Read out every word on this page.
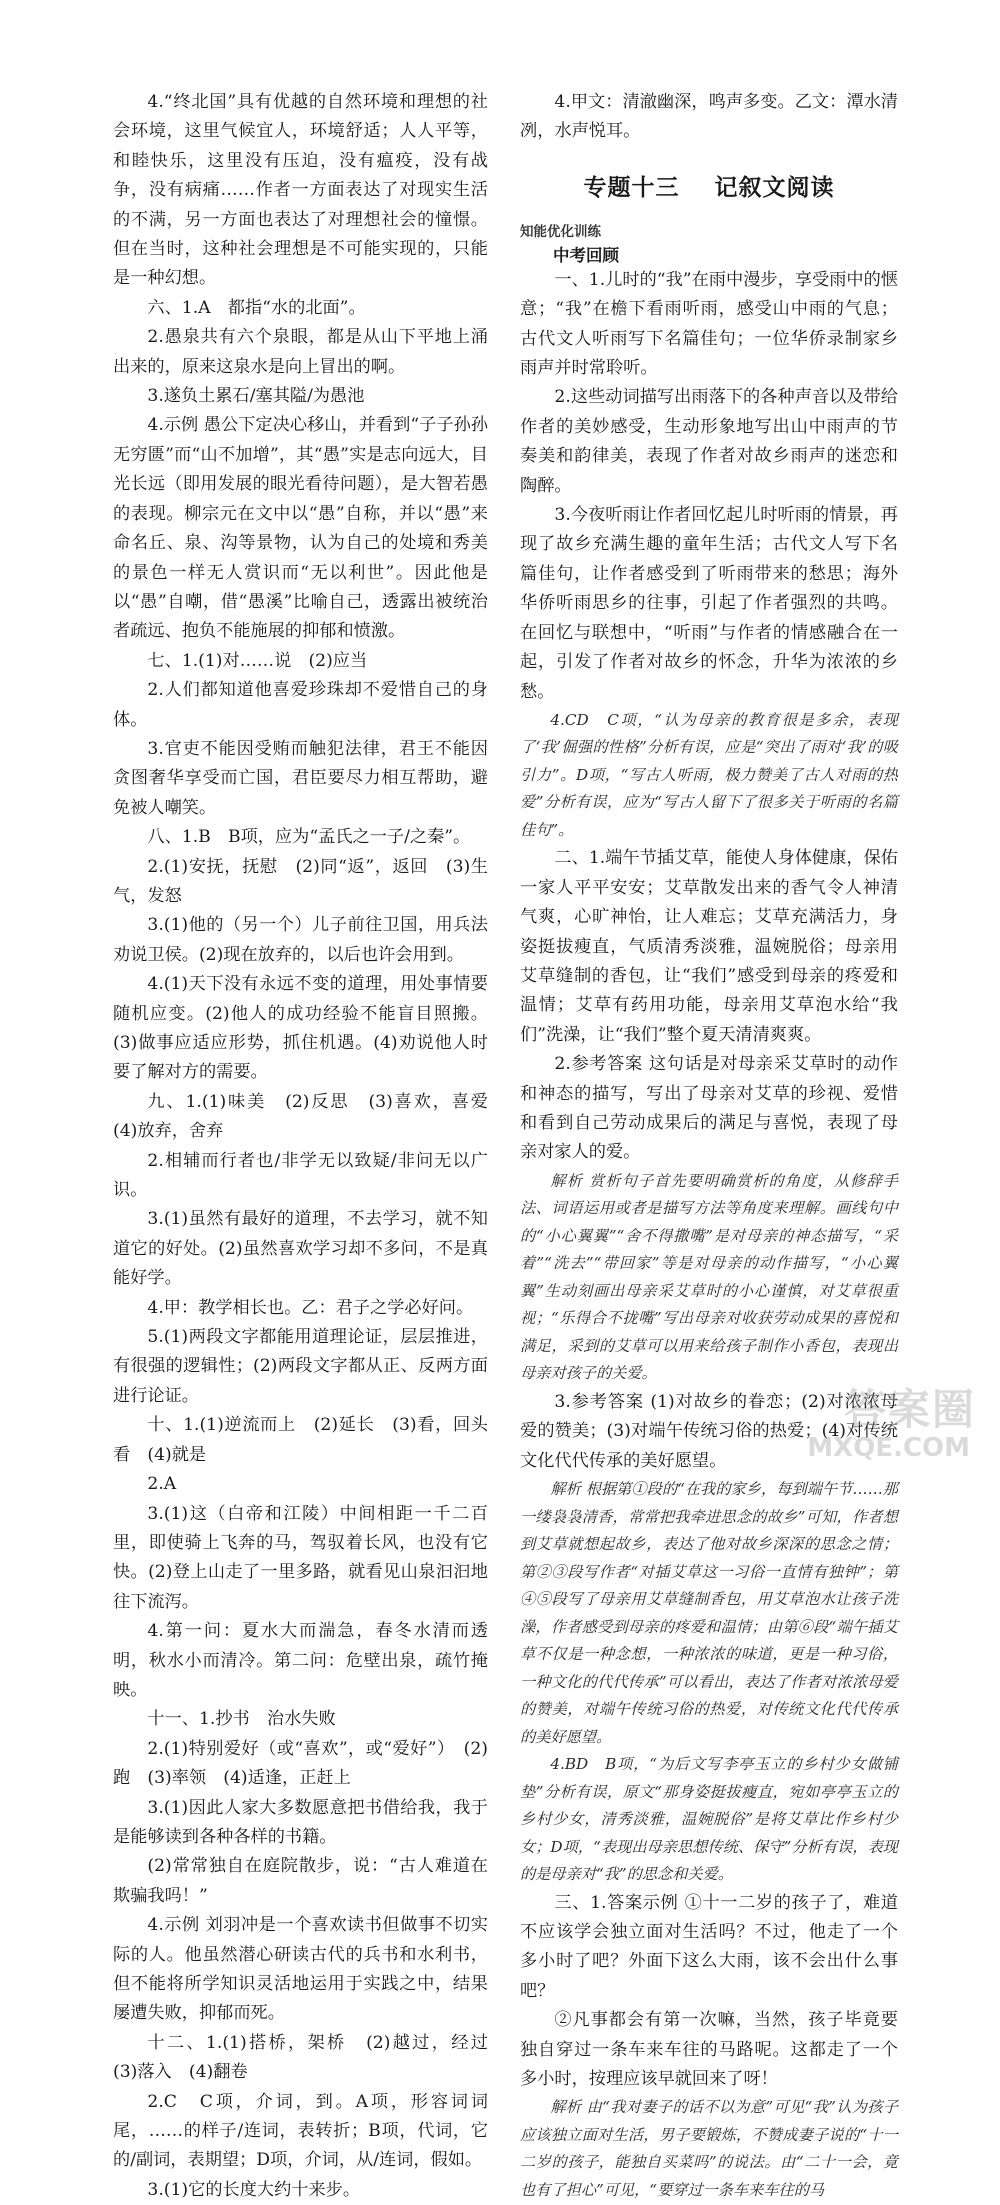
4.“终北国”具有优越的自然环境和理想的社会环境，这里气候宜人，环境舒适；人人平等，和睦快乐，这里没有压迫，没有瘟疫，没有战争，没有病痛……作者一方面表达了对现实生活的不满，另一方面也表达了对理想社会的憧憬。但在当时，这种社会理想是不可能实现的，只能是一种幻想。

六、1.A　都指“水的北面”。

2.愚泉共有六个泉眼，都是从山下平地上涌出来的，原来这泉水是向上冒出的啊。

3.遂负土累石/塞其隘/为愚池

4.示例 愚公下定决心移山，并看到“子子孙孙无穷匮”而“山不加增”，其“愚”实是志向远大，目光长远（即用发展的眼光看待问题），是大智若愚的表现。柳宗元在文中以“愚”自称，并以“愚”来命名丘、泉、沟等景物，认为自己的处境和秀美的景色一样无人赏识而“无以利世”。因此他是以“愚”自嘲，借“愚溪”比喻自己，透露出被统治者疏远、抱负不能施展的抑郁和愤激。

七、1.(1)对……说　(2)应当

2.人们都知道他喜爱珍珠却不爱惜自己的身体。

3.官吏不能因受贿而触犯法律，君王不能因贪图奢华享受而亡国，君臣要尽力相互帮助，避免被人嘲笑。

八、1.B　B项，应为“孟氏之一子/之秦”。

2.(1)安抚，抚慰　(2)同“返”，返回　(3)生气，发怒

3.(1)他的（另一个）儿子前往卫国，用兵法劝说卫侯。(2)现在放弃的，以后也许会用到。

4.(1)天下没有永远不变的道理，用处事情要随机应变。(2)他人的成功经验不能盲目照搬。(3)做事应适应形势，抓住机遇。(4)劝说他人时要了解对方的需要。

九、1.(1)味美　(2)反思　(3)喜欢，喜爱　(4)放弃，舍弃

2.相辅而行者也/非学无以致疑/非问无以广识。

3.(1)虽然有最好的道理，不去学习，就不知道它的好处。(2)虽然喜欢学习却不多问，不是真能好学。

4.甲：教学相长也。乙：君子之学必好问。

5.(1)两段文字都能用道理论证，层层推进，有很强的逻辑性；(2)两段文字都从正、反两方面进行论证。

十、1.(1)逆流而上　(2)延长　(3)看，回头看　(4)就是

2.A

3.(1)这（白帝和江陵）中间相距一千二百里，即使骑上飞奔的马，驾驭着长风，也没有它快。(2)登上山走了一里多路，就看见山泉汩汩地往下流泻。

4.第一问：夏水大而湍急，春冬水清而透明，秋水小而清冷。第二问：危壁出泉，疏竹掩映。

十一、1.抄书　治水失败

2.(1)特别爱好（或“喜欢”，或“爱好”）　(2)跑　(3)率领　(4)适逢，正赶上

3.(1)因此人家大多数愿意把书借给我，我于是能够读到各种各样的书籍。

(2)常常独自在庭院散步，说：“古人难道在欺骗我吗！”

4.示例 刘羽冲是一个喜欢读书但做事不切实际的人。他虽然潜心研读古代的兵书和水利书，但不能将所学知识灵活地运用于实践之中，结果屡遭失败，抑郁而死。

十二、1.(1)搭桥，架桥　(2)越过，经过　(3)落入　(4)翻卷

2.C　C项，介词，到。A项，形容词词尾，……的样子/连词，表转折；B项，代词，它的/副词，表期望；D项，介词，从/连词，假如。

3.(1)它的长度大约十来步。

4.甲文：清澈幽深，鸣声多变。乙文：潭水清冽，水声悦耳。

专题十三 记叙文阅读

知能优化训练

中考回顾

一、1.儿时的“我”在雨中漫步，享受雨中的惬意；“我”在檐下看雨听雨，感受山中雨的气息；古代文人听雨写下名篇佳句；一位华侨录制家乡雨声并时常聆听。

2.这些动词描写出雨落下的各种声音以及带给作者的美妙感受，生动形象地写出山中雨声的节奏美和韵律美，表现了作者对故乡雨声的迷恋和陶醉。

3.今夜听雨让作者回忆起儿时听雨的情景，再现了故乡充满生趣的童年生活；古代文人写下名篇佳句，让作者感受到了听雨带来的愁思；海外华侨听雨思乡的往事，引起了作者强烈的共鸣。在回忆与联想中，“听雨”与作者的情感融合在一起，引发了作者对故乡的怀念，升华为浓浓的乡愁。

4.CD　C项，“认为母亲的教育很是多余，表现了‘我’倔强的性格”分析有误，应是“突出了雨对‘我’的吸引力”。D项，“写古人听雨，极力赞美了古人对雨的热爱”分析有误，应为“写古人留下了很多关于听雨的名篇佳句”。

二、1.端午节插艾草，能使人身体健康，保佑一家人平平安安；艾草散发出来的香气令人神清气爽，心旷神怡，让人难忘；艾草充满活力，身姿挺拔瘦直，气质清秀淡雅，温婉脱俗；母亲用艾草缝制的香包，让“我们”感受到母亲的疼爱和温情；艾草有药用功能，母亲用艾草泡水给“我们”洗澡，让“我们”整个夏天清清爽爽。

2.参考答案 这句话是对母亲采艾草时的动作和神态的描写，写出了母亲对艾草的珍视、爱惜和看到自己劳动成果后的满足与喜悦，表现了母亲对家人的爱。

解析 赏析句子首先要明确赏析的角度，从修辞手法、词语运用或者是描写方法等角度来理解。画线句中的“小心翼翼”“舍不得撒嘴”是对母亲的神态描写，“采着”“洗去”“带回家”等是对母亲的动作描写，“小心翼翼”生动刻画出母亲采艾草时的小心谨慎，对艾草很重视；“乐得合不拢嘴”写出母亲对收获劳动成果的喜悦和满足，采到的艾草可以用来给孩子制作小香包，表现出母亲对孩子的关爱。

3.参考答案 (1)对故乡的眷恋；(2)对浓浓母爱的赞美；(3)对端午传统习俗的热爱；(4)对传统文化代代传承的美好愿望。

解析 根据第①段的“在我的家乡，每到端午节……那一缕袅袅清香，常常把我牵进思念的故乡”可知，作者想到艾草就想起故乡，表达了他对故乡深深的思念之情；第②③段写作者“对插艾草这一习俗一直情有独钟”；第④⑤段写了母亲用艾草缝制香包，用艾草泡水让孩子洗澡，作者感受到母亲的疼爱和温情；由第⑥段“端午插艾草不仅是一种念想，一种浓浓的味道，更是一种习俗，一种文化的代代传承”可以看出，表达了作者对浓浓母爱的赞美，对端午传统习俗的热爱，对传统文化代代传承的美好愿望。

4.BD　B项，“为后文写李亭玉立的乡村少女做铺垫”分析有误，原文“那身姿挺拔瘦直，宛如亭亭玉立的乡村少女，清秀淡雅，温婉脱俗”是将艾草比作乡村少女；D项，“表现出母亲思想传统、保守”分析有误，表现的是母亲对“我”的思念和关爱。

三、1.答案示例 ①十一二岁的孩子了，难道不应该学会独立面对生活吗？不过，他走了一个多小时了吧？外面下这么大雨，该不会出什么事吧？

②凡事都会有第一次嘛，当然，孩子毕竟要独自穿过一条车来车往的马路呢。这都走了一个多小时，按理应该早就回来了呀！

解析 由“我对妻子的话不以为意”可见“我”认为孩子应该独立面对生活，男子要锻炼，不赞成妻子说的“十一二岁的孩子，能独自买菜吗”的说法。由“二十一会，竟也有了担心”可见，“要穿过一条车来车往的马

答案圈
MXQE.COM
